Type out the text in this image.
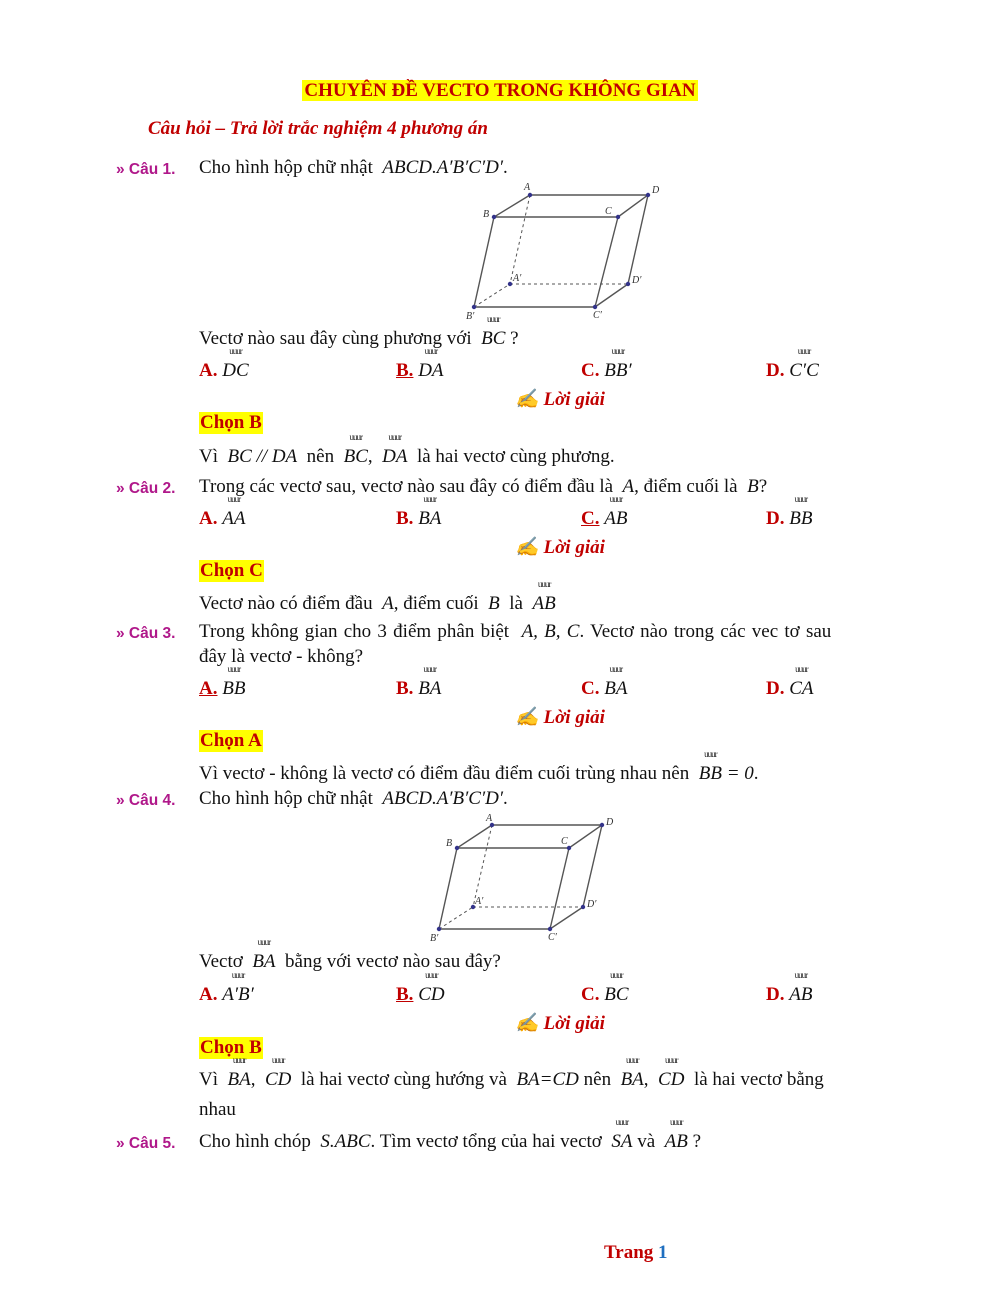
CHUYÊN ĐỀ VECTO TRONG KHÔNG GIAN
Câu hỏi – Trả lời trắc nghiệm 4 phương án
» Câu 1. Cho hình hộp chữ nhật ABCD.A′B′C′D′.
A	D
B	C
A′	D′
B′	C′
Vectơ nào sau đây cùng phương với uuur BC ?
A. uuur DC	B. uuur DA	C. uuur BB′	D. uuur C′C
✍ Lời giải
Chọn B
Vì BC // DA nên uuur BC, uuur DA là hai vectơ cùng phương.
» Câu 2. Trong các vectơ sau, vectơ nào sau đây có điểm đầu là A, điểm cuối là B?
A. uuur AA	B. uuur BA	C. uuur AB	D. uuur BB
✍ Lời giải
Chọn C
Vectơ nào có điểm đầu A, điểm cuối B là uuur AB
» Câu 3. Trong không gian cho 3 điểm phân biệt A, B, C. Vectơ nào trong các vec tơ sau
đây là vectơ - không?
A. uuur BB	B. uuur BA	C. uuur BA	D. uuur CA
✍ Lời giải
Chọn A
Vì vectơ - không là vectơ có điểm đầu điểm cuối trùng nhau nên uuur BB = 0.
» Câu 4. Cho hình hộp chữ nhật ABCD.A′B′C′D′.
A	D
B	C
A′	D′
B′	C′
Vectơ uuur BA bằng với vectơ nào sau đây?
A. uuur A′B′	B. uuur CD	C. uuur BC	D. uuur AB
✍ Lời giải
Chọn B
Vì uuur BA, uuur CD là hai vectơ cùng hướng và BA=CD nên uuur BA, uuur CD là hai vectơ bằng
nhau
» Câu 5. Cho hình chóp S.ABC. Tìm vectơ tổng của hai vectơ uuur SA và uuur AB ?
Trang 1
